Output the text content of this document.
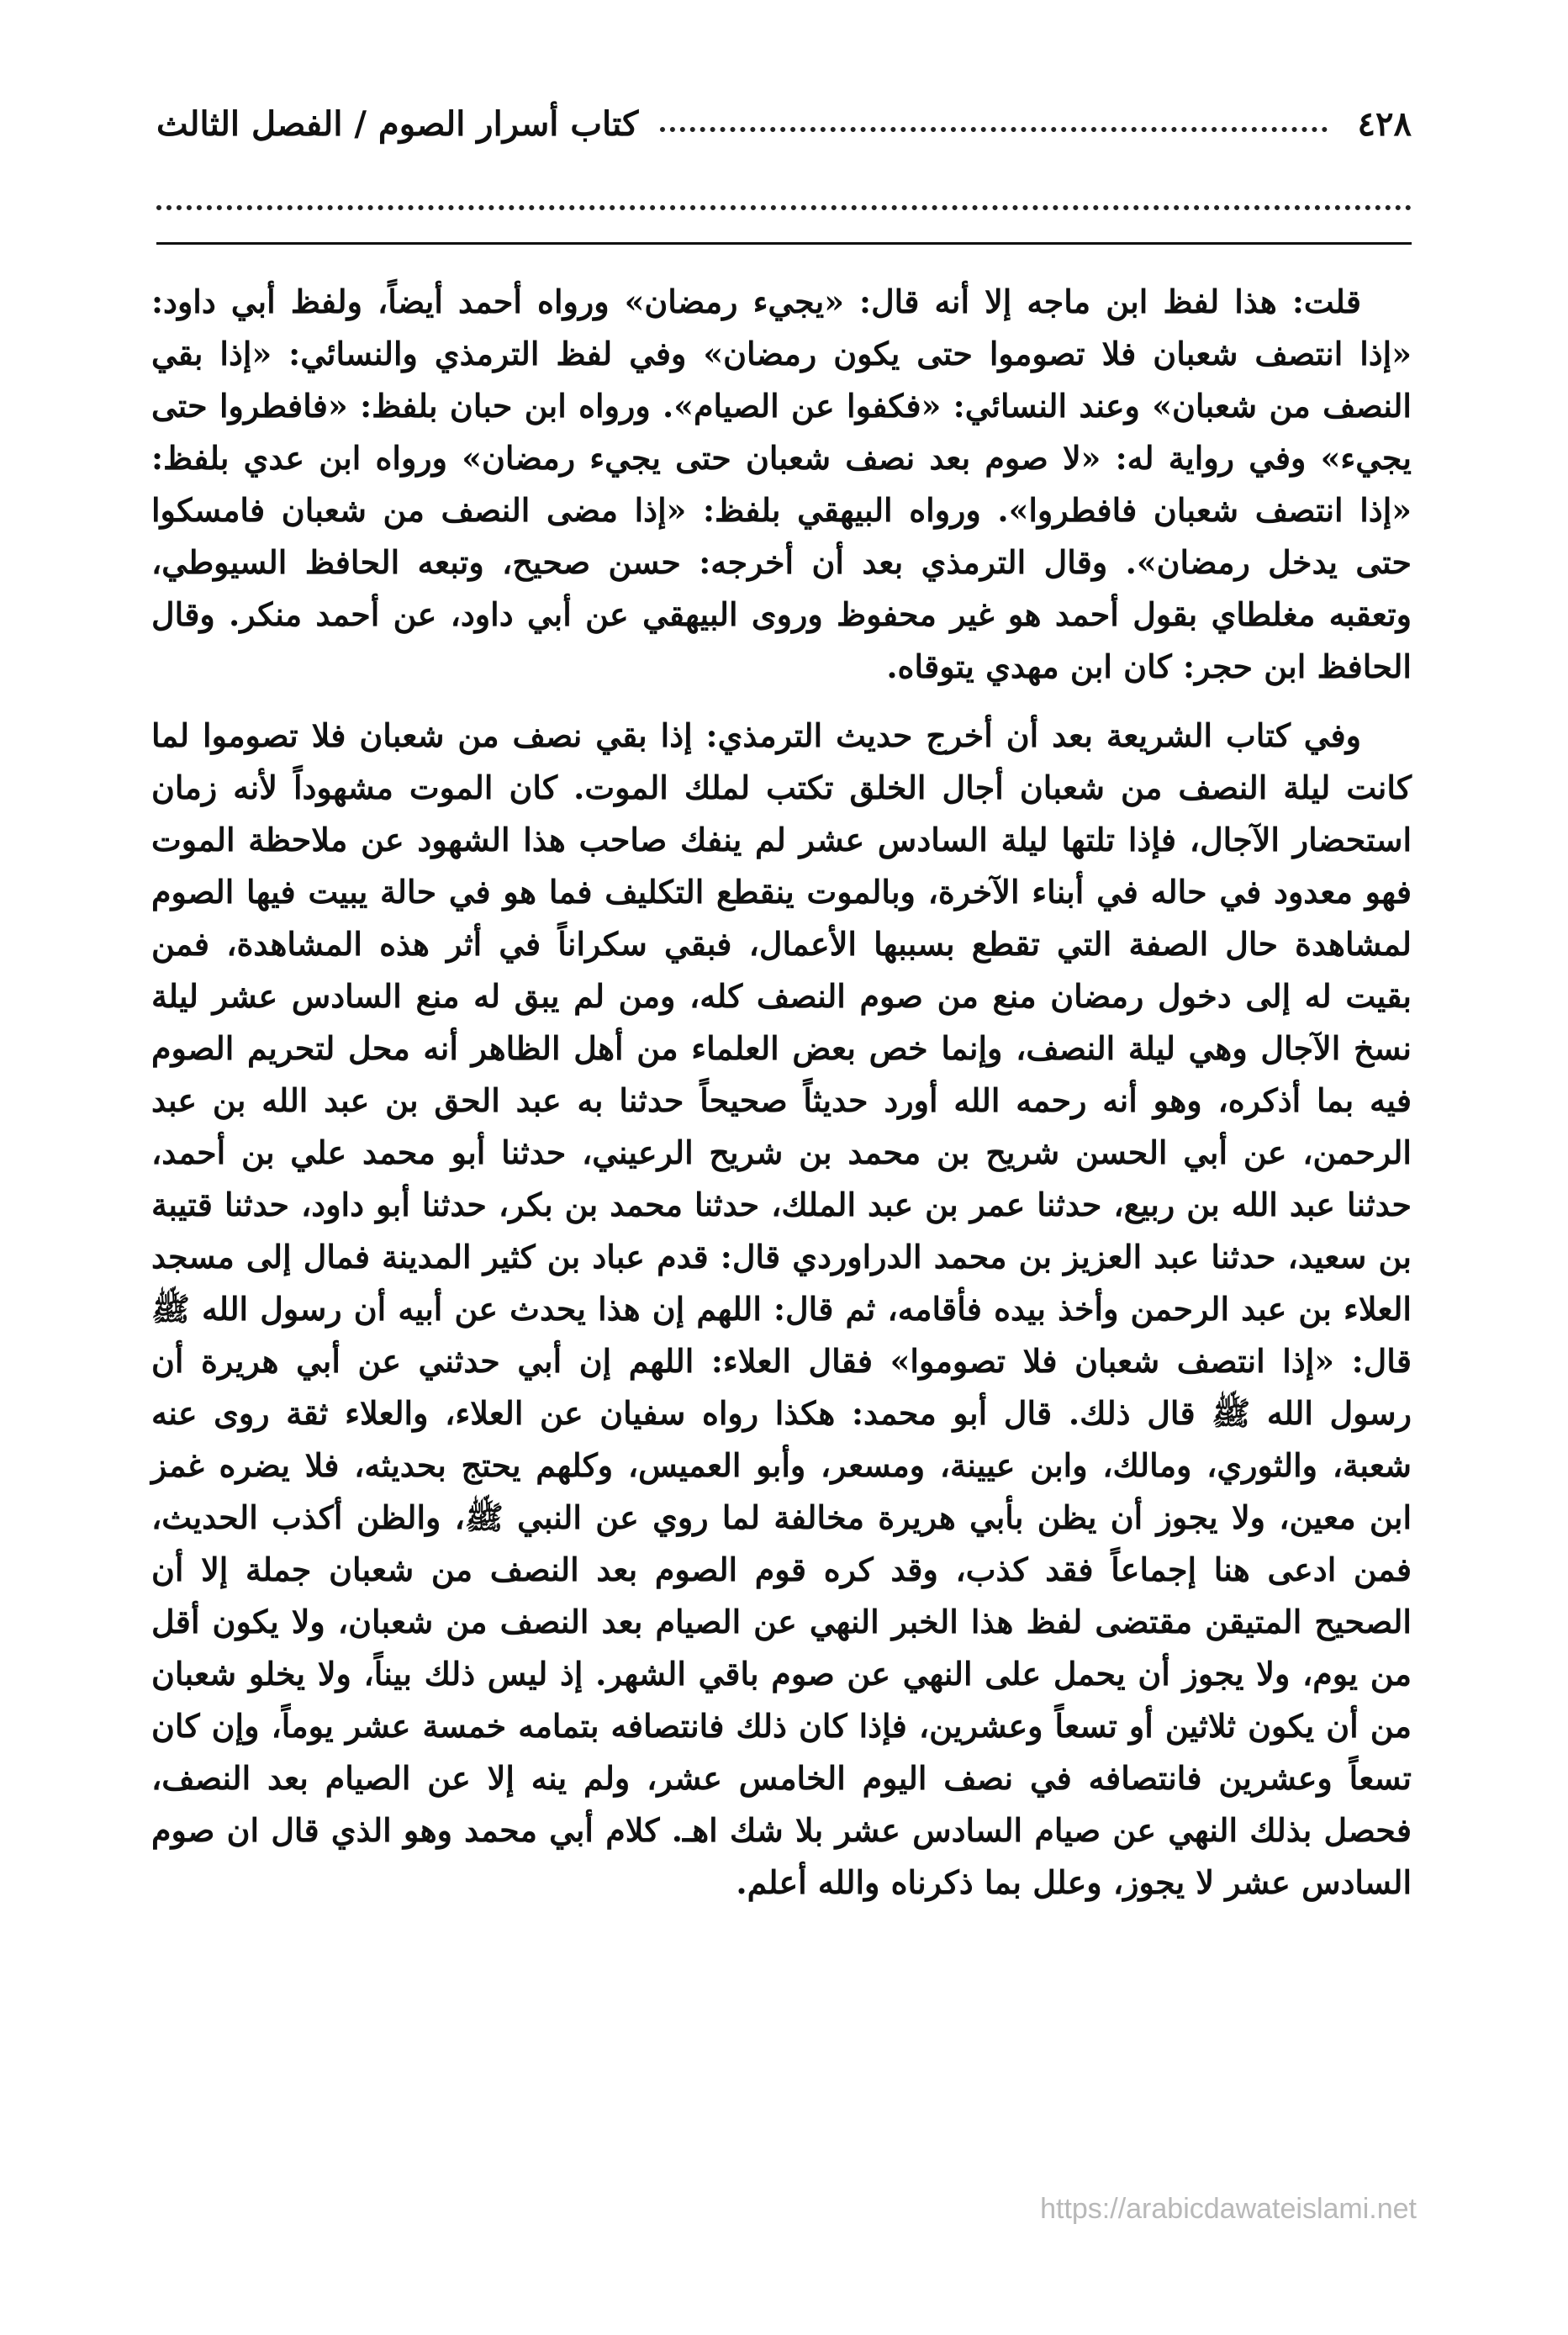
٤٢٨
كتاب أسرار الصوم / الفصل الثالث

قلت: هذا لفظ ابن ماجه إلا أنه قال: «يجيء رمضان» ورواه أحمد أيضاً، ولفظ أبي داود: «إذا انتصف شعبان فلا تصوموا حتى يكون رمضان» وفي لفظ الترمذي والنسائي: «إذا بقي النصف من شعبان» وعند النسائي: «فكفوا عن الصيام». ورواه ابن حبان بلفظ: «فافطروا حتى يجيء» وفي رواية له: «لا صوم بعد نصف شعبان حتى يجيء رمضان» ورواه ابن عدي بلفظ: «إذا انتصف شعبان فافطروا». ورواه البيهقي بلفظ: «إذا مضى النصف من شعبان فامسكوا حتى يدخل رمضان». وقال الترمذي بعد أن أخرجه: حسن صحيح، وتبعه الحافظ السيوطي، وتعقبه مغلطاي بقول أحمد هو غير محفوظ وروى البيهقي عن أبي داود، عن أحمد منكر. وقال الحافظ ابن حجر: كان ابن مهدي يتوقاه.

وفي كتاب الشريعة بعد أن أخرج حديث الترمذي: إذا بقي نصف من شعبان فلا تصوموا لما كانت ليلة النصف من شعبان أجال الخلق تكتب لملك الموت. كان الموت مشهوداً لأنه زمان استحضار الآجال، فإذا تلتها ليلة السادس عشر لم ينفك صاحب هذا الشهود عن ملاحظة الموت فهو معدود في حاله في أبناء الآخرة، وبالموت ينقطع التكليف فما هو في حالة يبيت فيها الصوم لمشاهدة حال الصفة التي تقطع بسببها الأعمال، فبقي سكراناً في أثر هذه المشاهدة، فمن بقيت له إلى دخول رمضان منع من صوم النصف كله، ومن لم يبق له منع السادس عشر ليلة نسخ الآجال وهي ليلة النصف، وإنما خص بعض العلماء من أهل الظاهر أنه محل لتحريم الصوم فيه بما أذكره، وهو أنه رحمه الله أورد حديثاً صحيحاً حدثنا به عبد الحق بن عبد الله بن عبد الرحمن، عن أبي الحسن شريح بن محمد بن شريح الرعيني، حدثنا أبو محمد علي بن أحمد، حدثنا عبد الله بن ربيع، حدثنا عمر بن عبد الملك، حدثنا محمد بن بكر، حدثنا أبو داود، حدثنا قتيبة بن سعيد، حدثنا عبد العزيز بن محمد الدراوردي قال: قدم عباد بن كثير المدينة فمال إلى مسجد العلاء بن عبد الرحمن وأخذ بيده فأقامه، ثم قال: اللهم إن هذا يحدث عن أبيه أن رسول الله ﷺ قال: «إذا انتصف شعبان فلا تصوموا» فقال العلاء: اللهم إن أبي حدثني عن أبي هريرة أن رسول الله ﷺ قال ذلك. قال أبو محمد: هكذا رواه سفيان عن العلاء، والعلاء ثقة روى عنه شعبة، والثوري، ومالك، وابن عيينة، ومسعر، وأبو العميس، وكلهم يحتج بحديثه، فلا يضره غمز ابن معين، ولا يجوز أن يظن بأبي هريرة مخالفة لما روي عن النبي ﷺ، والظن أكذب الحديث، فمن ادعى هنا إجماعاً فقد كذب، وقد كره قوم الصوم بعد النصف من شعبان جملة إلا أن الصحيح المتيقن مقتضى لفظ هذا الخبر النهي عن الصيام بعد النصف من شعبان، ولا يكون أقل من يوم، ولا يجوز أن يحمل على النهي عن صوم باقي الشهر. إذ ليس ذلك بيناً، ولا يخلو شعبان من أن يكون ثلاثين أو تسعاً وعشرين، فإذا كان ذلك فانتصافه بتمامه خمسة عشر يوماً، وإن كان تسعاً وعشرين فانتصافه في نصف اليوم الخامس عشر، ولم ينه إلا عن الصيام بعد النصف، فحصل بذلك النهي عن صيام السادس عشر بلا شك اهـ. كلام أبي محمد وهو الذي قال ان صوم السادس عشر لا يجوز، وعلل بما ذكرناه والله أعلم.

https://arabicdawateislami.net
